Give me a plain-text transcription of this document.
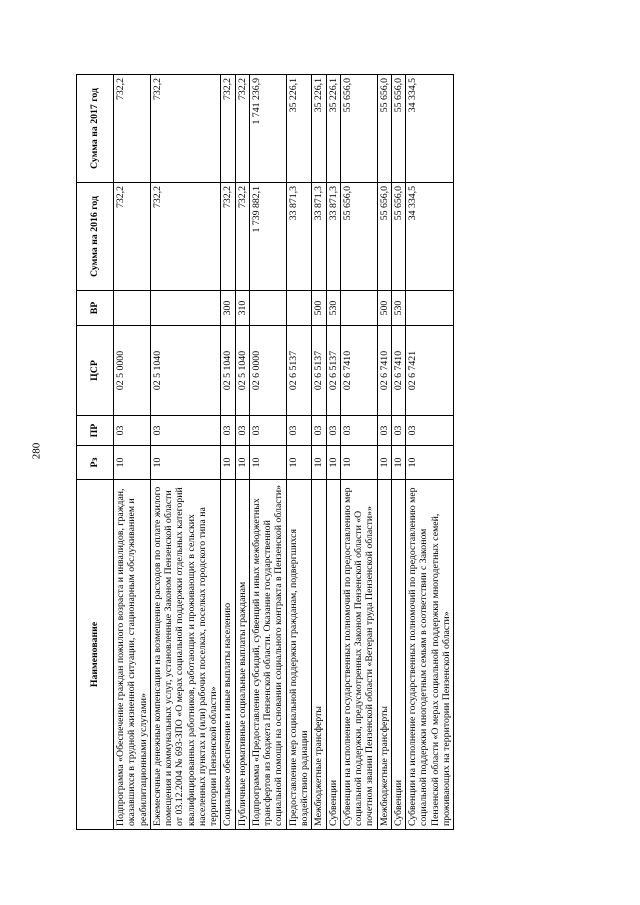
280
Наименование	Рз	ПР	ЦСР	ВР	Сумма на 2016 год	Сумма на 2017 год
Подпрограмма «Обеспечение граждан пожилого возраста и инвалидов, граждан, оказавшихся в трудной жизненной ситуации, стационарным обслуживанием и реабилитационными услугами»	10	03	02 5 0000		732,2	732,2
Ежемесячные денежные компенсации на возмещение расходов по оплате жилого помещения и коммунальных услуг, установленные Законом Пензенской области от 03.12.2004 № 693-ЗПО «О мерах социальной поддержки отдельных категорий квалифицированных работников, работающих и проживающих в сельских населенных пунктах и (или) рабочих поселках, поселках городского типа на территории Пензенской области»	10	03	02 5 1040		732,2	732,2
Социальное обеспечение и иные выплаты населению	10	03	02 5 1040	300	732,2	732,2
Публичные нормативные социальные выплаты гражданам	10	03	02 5 1040	310	732,2	732,2
Подпрограмма «Предоставление субсидий, субвенций и иных межбюджетных трансфертов из бюджета Пензенской области. Оказание государственной социальной помощи на основании социального контракта в Пензенской области»	10	03	02 6 0000		1 739 882,1	1 741 236,9
Предоставление мер социальной поддержки гражданам, подвергшихся воздействию радиации	10	03	02 6 5137		33 871,3	35 226,1
Межбюджетные трансферты	10	03	02 6 5137	500	33 871,3	35 226,1
Субвенции	10	03	02 6 5137	530	33 871,3	35 226,1
Субвенции на исполнение государственных полномочий по предоставлению мер социальной поддержки, предусмотренных Законом Пензенской области «О почетном звании Пензенской области «Ветеран труда Пензенской области»»	10	03	02 6 7410		55 656,0	55 656,0
Межбюджетные трансферты	10	03	02 6 7410	500	55 656,0	55 656,0
Субвенции	10	03	02 6 7410	530	55 656,0	55 656,0
Субвенции на исполнение государственных полномочий по предоставлению мер социальной поддержки многодетным семьям в соответствии с Законом Пензенской области «О мерах социальной поддержки многодетных семей, проживающих на территории Пензенской области»	10	03	02 6 7421		34 334,5	34 334,5
